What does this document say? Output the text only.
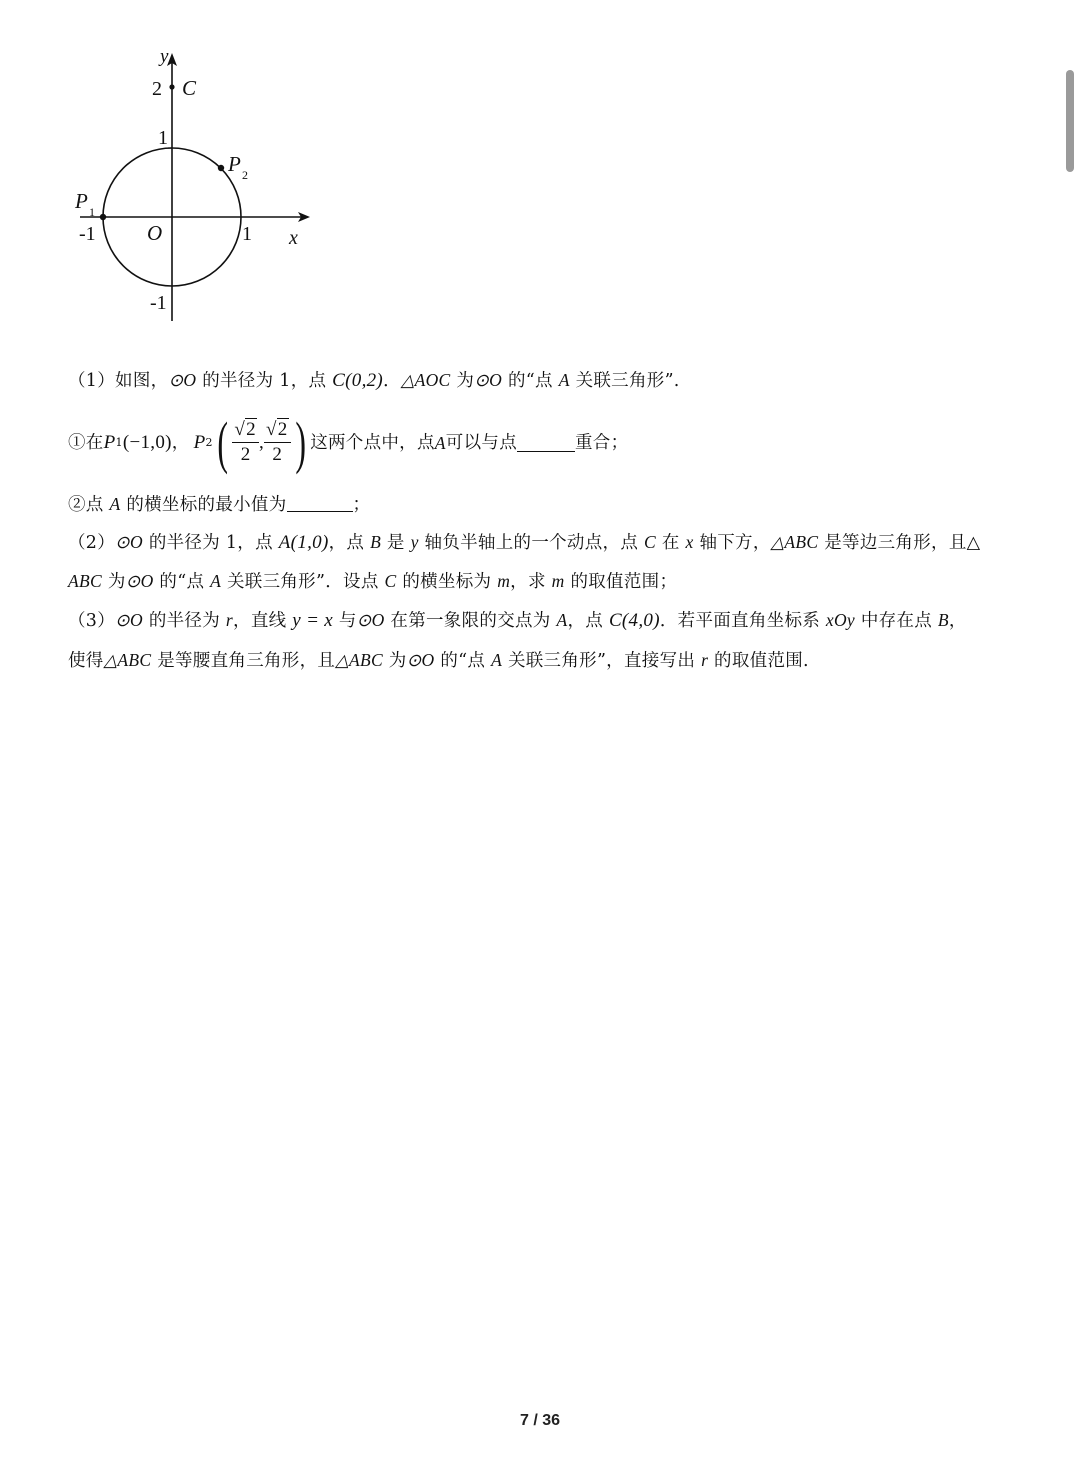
y
2 C
1
P 2
P 1
-1 O	1 x
-1
（1）如图，⊙O 的半径为 1，点 C(0,2)．△AOC 为⊙O 的“点 A 关联三角形”.
①在 P 1 (−1,0) ， P 2 ( $\frac{√2}{2}$ , $\frac{√2}{2}$ ) 这两个点中，点 A 可以与点	重合；
②点 A 的横坐标的最小值为	；
（2）⊙O 的半径为 1，点 A(1,0)，点 B 是 y 轴负半轴上的一个动点，点 C 在 x 轴下方，△ABC 是等边三角形，且△
ABC 为⊙O 的“点 A 关联三角形”．设点 C 的横坐标为 m，求 m 的取值范围；
（3）⊙O 的半径为 r，直线 y = x 与⊙O 在第一象限的交点为 A，点 C(4,0)．若平面直角坐标系 xOy 中存在点 B，
使得△ABC 是等腰直角三角形，且△ABC 为⊙O 的“点 A 关联三角形”，直接写出 r 的取值范围.
7 / 36
